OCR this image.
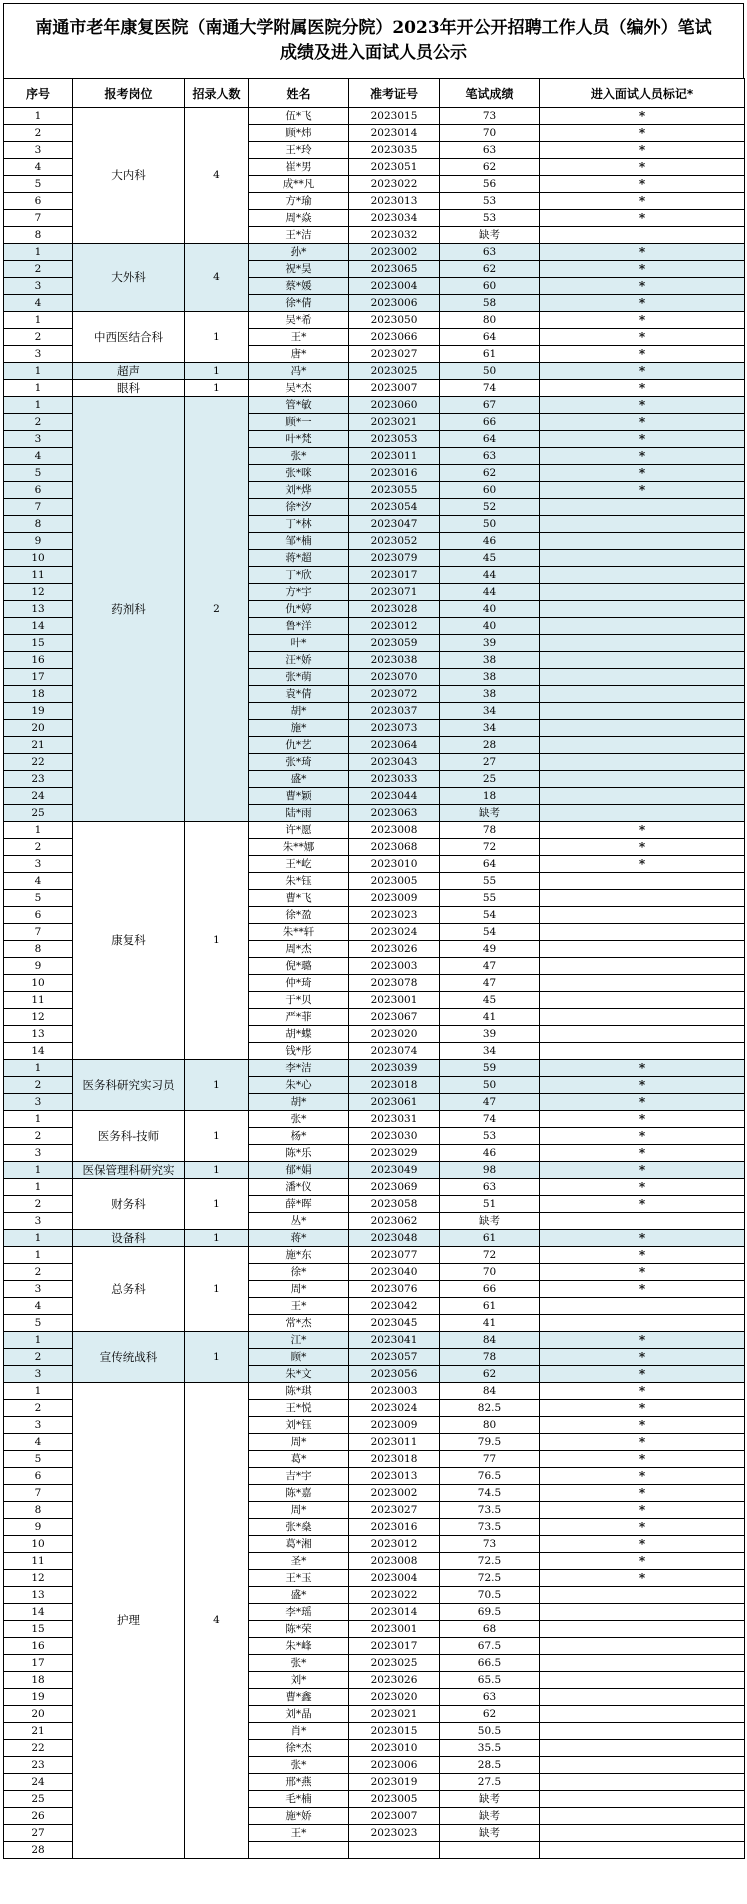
南通市老年康复医院（南通大学附属医院分院）2023年开公开招聘工作人员（编外）笔试
成绩及进入面试人员公示
序号	报考岗位	招录人数	姓名	准考证号	笔试成绩	进入面试人员标记*
1	大内科	4	伍*飞	2023015	73	*
2			顾*炜	2023014	70	*
3			王*玲	2023035	63	*
4			崔*男	2023051	62	*
5			成**凡	2023022	56	*
6			方*瑜	2023013	53	*
7			周*焱	2023034	53	*
8			王*洁	2023032	缺考	
1	大外科	4	孙*	2023002	63	*
2			祝*昊	2023065	62	*
3			蔡*媛	2023004	60	*
4			徐*倩	2023006	58	*
1	中西医结合科	1	吴*希	2023050	80	*
2			王*	2023066	64	*
3			唐*	2023027	61	*
1	超声	1	冯*	2023025	50	*
1	眼科	1	吴*杰	2023007	74	*
1	药剂科	2	管*敏	2023060	67	*
2			顾*一	2023021	66	*
3			叶*梵	2023053	64	*
4			张*	2023011	63	*
5			张*咪	2023016	62	*
6			刘*烨	2023055	60	*
7			徐*汐	2023054	52	
8			丁*林	2023047	50	
9			邹*楠	2023052	46	
10			蒋*超	2023079	45	
11			丁*欣	2023017	44	
12			方*宇	2023071	44	
13			仇*婷	2023028	40	
14			鲁*洋	2023012	40	
15			叶*	2023059	39	
16			汪*娇	2023038	38	
17			张*萌	2023070	38	
18			袁*倩	2023072	38	
19			胡*	2023037	34	
20			施*	2023073	34	
21			仇*艺	2023064	28	
22			张*琦	2023043	27	
23			盛*	2023033	25	
24			曹*颖	2023044	18	
25			陆*雨	2023063	缺考	
1	康复科	1	许*愿	2023008	78	*
2			朱**娜	2023068	72	*
3			王*屹	2023010	64	*
4			朱*钰	2023005	55	
5			曹*飞	2023009	55	
6			徐*盈	2023023	54	
7			朱**轩	2023024	54	
8			周*杰	2023026	49	
9			倪*璐	2023003	47	
10			仲*琦	2023078	47	
11			于*贝	2023001	45	
12			严*菲	2023067	41	
13			胡*蝶	2023020	39	
14			钱*彤	2023074	34	
1	医务科研究实习员	1	李*洁	2023039	59	*
2			朱*心	2023018	50	*
3			胡*	2023061	47	*
1	医务科-技师	1	张*	2023031	74	*
2			杨*	2023030	53	*
3			陈*乐	2023029	46	*
1	医保管理科研究实	1	郁*娟	2023049	98	*
1	财务科	1	潘*仪	2023069	63	*
2			薛*晖	2023058	51	*
3			丛*	2023062	缺考	
1	设备科	1	蒋*	2023048	61	*
1	总务科	1	施*东	2023077	72	*
2			徐*	2023040	70	*
3			周*	2023076	66	*
4			王*	2023042	61	
5			常*杰	2023045	41	
1	宣传统战科	1	江*	2023041	84	*
2			顾*	2023057	78	*
3			朱*文	2023056	62	*
1	护理	4	陈*琪	2023003	84	*
2			王*悦	2023024	82.5	*
3			刘*钰	2023009	80	*
4			周*	2023011	79.5	*
5			葛*	2023018	77	*
6			吉*宇	2023013	76.5	*
7			陈*嘉	2023002	74.5	*
8			周*	2023027	73.5	*
9			张*燊	2023016	73.5	*
10			葛*湘	2023012	73	*
11			圣*	2023008	72.5	*
12			王*玉	2023004	72.5	*
13			盛*	2023022	70.5	
14			李*瑶	2023014	69.5	
15			陈*荣	2023001	68	
16			朱*峰	2023017	67.5	
17			张*	2023025	66.5	
18			刘*	2023026	65.5	
19			曹*鑫	2023020	63	
20			刘*晶	2023021	62	
21			肖*	2023015	50.5	
22			徐*杰	2023010	35.5	
23			张*	2023006	28.5	
24			邢*燕	2023019	27.5	
25			毛*楠	2023005	缺考	
26			施*娇	2023007	缺考	
27			王*	2023023	缺考	
28						
